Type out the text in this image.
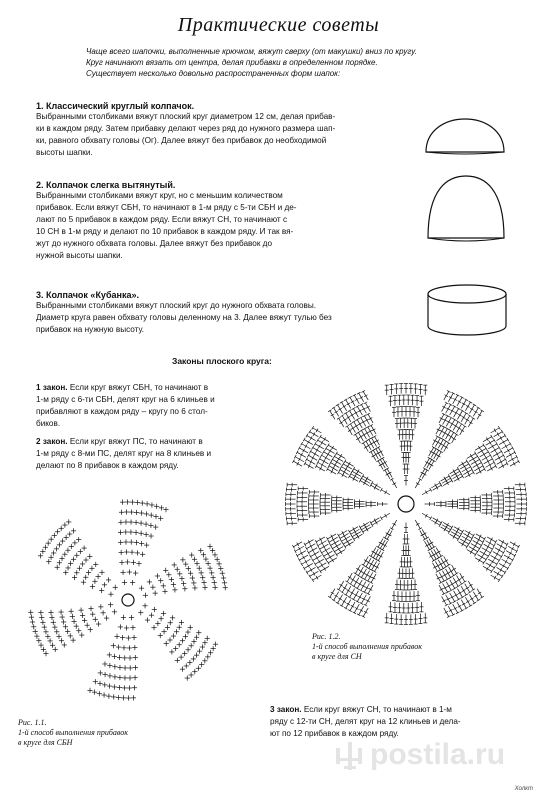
Практические советы
Чаще всего шапочки, выполненные крючком, вяжут сверху (от макушки) вниз по кругу.
Круг начинают вязать от центра, делая прибавки в определенном порядке.
Существует несколько довольно распространенных форм шапок:
1. Классический круглый колпачок.
Выбранными столбиками вяжут плоский круг диаметром 12 см, делая прибав-
ки в каждом ряду. Затем прибавку делают через ряд до нужного размера шап-
ки, равного обхвату головы (Ог). Далее вяжут без прибавок до необходимой
высоты шапки.
2. Колпачок слегка вытянутый.
Выбранными столбиками вяжут круг, но с меньшим количеством
прибавок. Если вяжут СБН, то начинают в 1-м ряду с 5-ти СБН и де-
лают по 5 прибавок в каждом ряду. Если вяжут СН, то начинают с
10 СН в 1-м ряду и делают по 10 прибавок в каждом ряду. И так вя-
жут до нужного обхвата головы. Далее вяжут без прибавок до
нужной высоты шапки.
3. Колпачок «Кубанка».
Выбранными столбиками вяжут плоский круг до нужного обхвата головы.
Диаметр круга равен обхвату головы деленному на 3. Далее вяжут тулью без
прибавок на нужную высоту.
Законы плоского круга:
1 закон. Если круг вяжут СБН, то начинают в
1-м ряду с 6-ти СБН, делят круг на 6 клиньев и
прибавляют в каждом ряду – кругу по 6 стол-
биков.
2 закон. Если круг вяжут ПС, то начинают в
1-м ряду с 8-ми ПС, делят круг на 8 клиньев и
делают по 8 прибавок в каждом ряду.
Рис. 1.2.
1-й способ выполнения прибавок
в круге для СН
Рис. 1.1.
1-й способ выполнения прибавок
в круге для СБН	postila.ru
3 закон. Если круг вяжут СН, то начинают в 1-м
ряду с 12-ти СН, делят круг на 12 клиньев и дела-
ют по 12 прибавок в каждом ряду.
Холкт
